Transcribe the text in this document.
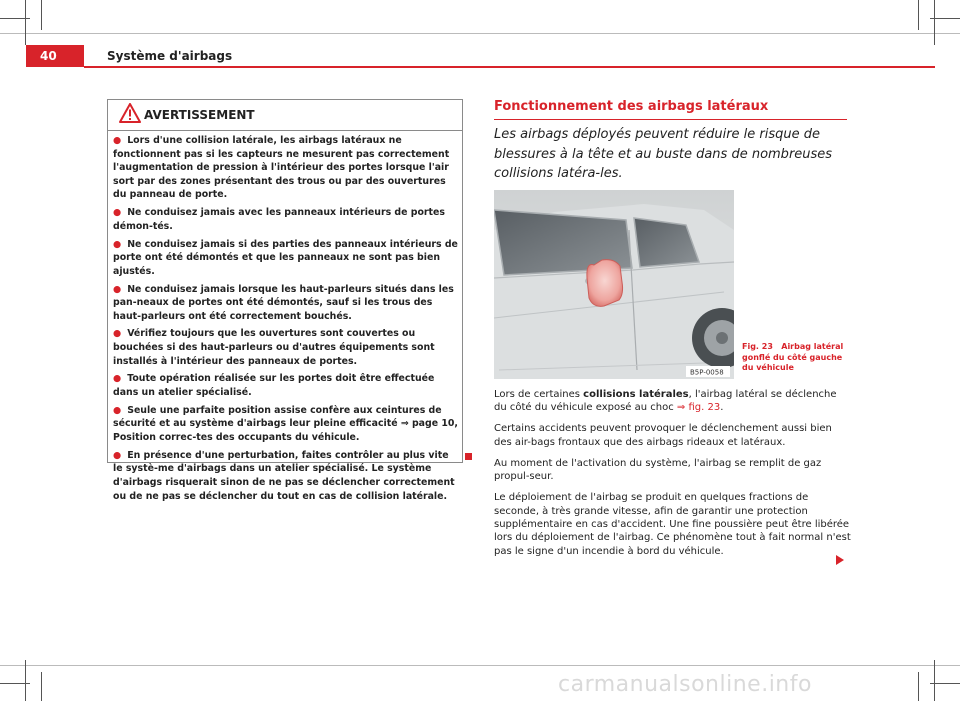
40	Système d'airbags
AVERTISSEMENT

● Lors d'une collision latérale, les airbags latéraux ne fonctionnent pas si les capteurs ne mesurent pas correctement l'augmentation de pression à l'intérieur des portes lorsque l'air sort par des zones présentant des trous ou par des ouvertures du panneau de porte.

● Ne conduisez jamais avec les panneaux intérieurs de portes démon-tés.

● Ne conduisez jamais si des parties des panneaux intérieurs de porte ont été démontés et que les panneaux ne sont pas bien ajustés.

● Ne conduisez jamais lorsque les haut-parleurs situés dans les pan-neaux de portes ont été démontés, sauf si les trous des haut-parleurs ont été correctement bouchés.

● Vérifiez toujours que les ouvertures sont couvertes ou bouchées si des haut-parleurs ou d'autres équipements sont installés à l'intérieur des panneaux de portes.

● Toute opération réalisée sur les portes doit être effectuée dans un atelier spécialisé.

● Seule une parfaite position assise confère aux ceintures de sécurité et au système d'airbags leur pleine efficacité ⇒ page 10, Position correc-tes des occupants du véhicule.

● En présence d'une perturbation, faites contrôler au plus vite le systè-me d'airbags dans un atelier spécialisé. Le système d'airbags risquerait sinon de ne pas se déclencher correctement ou de ne pas se déclencher du tout en cas de collision latérale.

Fonctionnement des airbags latéraux
Les airbags déployés peuvent réduire le risque de blessures à la tête et au buste dans de nombreuses collisions latéra-les.
B5P-0058
Fig. 23 Airbag latéral gonflé du côté gauche du véhicule

Lors de certaines collisions latérales, l'airbag latéral se déclenche du côté du véhicule exposé au choc ⇒ fig. 23.

Certains accidents peuvent provoquer le déclenchement aussi bien des air-bags frontaux que des airbags rideaux et latéraux.

Au moment de l'activation du système, l'airbag se remplit de gaz propul-seur.

Le déploiement de l'airbag se produit en quelques fractions de seconde, à très grande vitesse, afin de garantir une protection supplémentaire en cas d'accident. Une fine poussière peut être libérée lors du déploiement de l'airbag. Ce phénomène tout à fait normal n'est pas le signe d'un incendie à bord du véhicule.

carmanualsonline.info
